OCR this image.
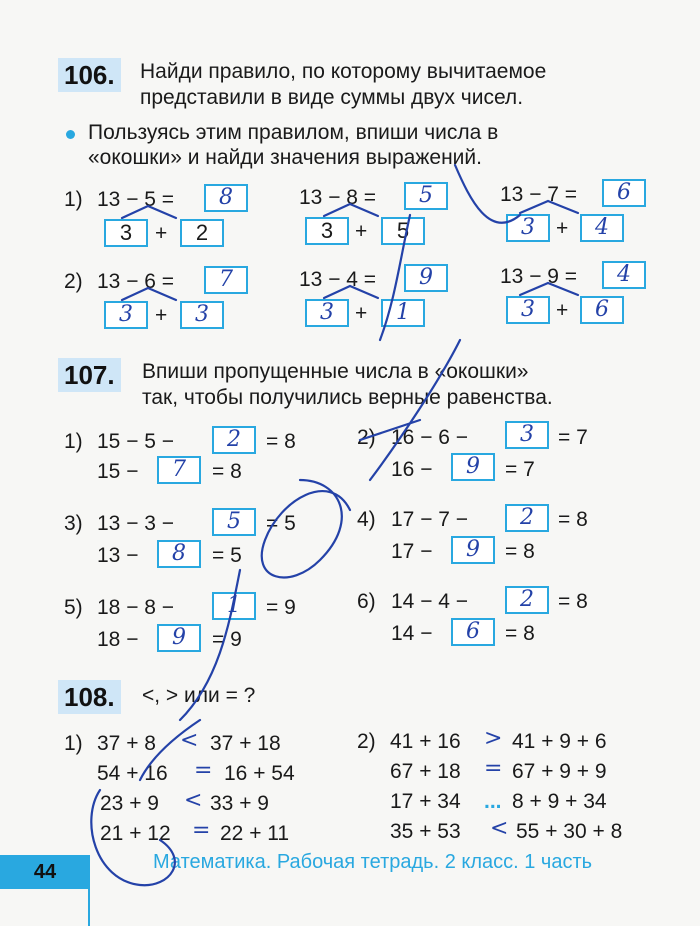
106. Найди правило, по которому вычитаемое
представили в виде суммы двух чисел.
Пользуясь этим правилом, впиши числа в
«окошки» и найди значения выражений.
1) 13 − 5 =	8
3	+	2
13 − 8 =	5
3	+	5
13 − 7 =	6
3	+	4
2) 13 − 6 =	7
3	+	3
13 − 4 =	9
3	+	1
13 − 9 =	4
3	+	6
107. Впиши пропущенные числа в «окошки»
так, чтобы получились верные равенства.
1) 15 − 5 −	2	= 8
15 −	7	= 8
3) 13 − 3 −	5	= 5
13 −	8	= 5
5) 18 − 8 −	1	= 9
18 −	9	= 9
2) 16 − 6 −	3	= 7
16 −	9	= 7
4) 17 − 7 −	2	= 8
17 −	9	= 8
6) 14 − 4 −	2	= 8
14 −	6	= 8
108. <, > или = ?
1) 37 + 8 < 37 + 18
54 + 16 = 16 + 54
23 + 9 < 33 + 9
21 + 12 = 22 + 11
2) 41 + 16 > 41 + 9 + 6
67 + 18 = 67 + 9 + 9
17 + 34 ... 8 + 9 + 34
35 + 53 < 55 + 30 + 8
44	Математика. Рабочая тетрадь. 2 класс. 1 часть
